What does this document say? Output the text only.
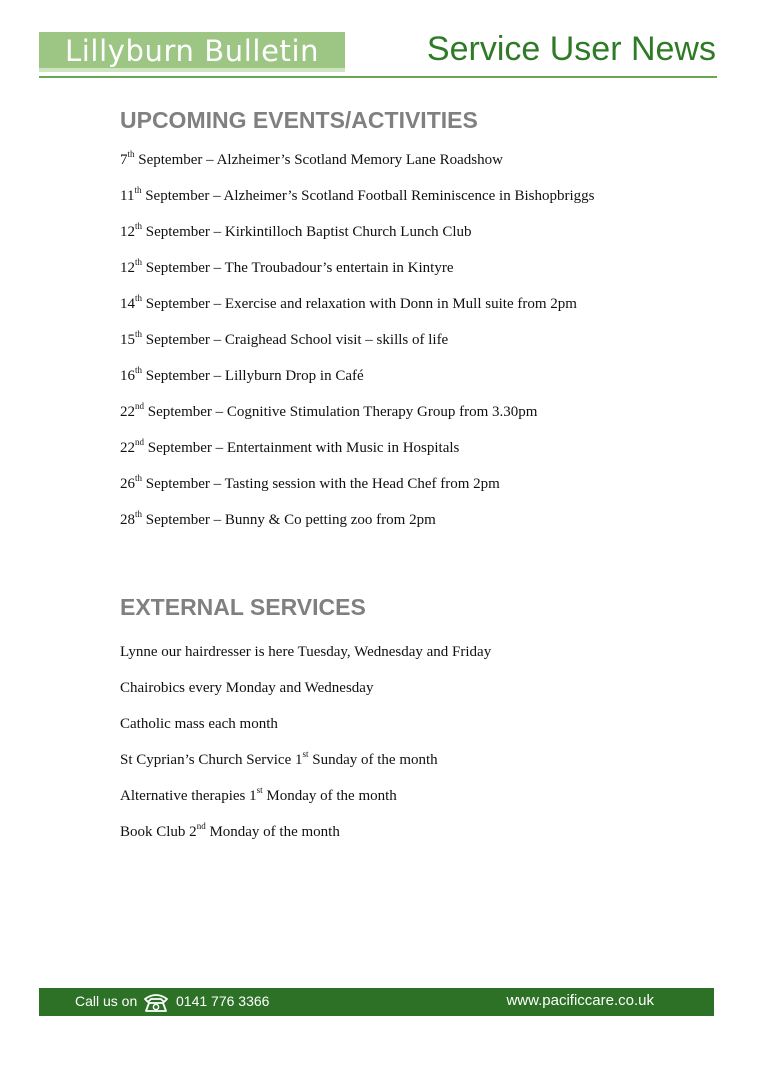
Lillyburn Bulletin	Service User News
UPCOMING EVENTS/ACTIVITIES
7th September – Alzheimer’s Scotland Memory Lane Roadshow
11th September – Alzheimer’s Scotland Football Reminiscence in Bishopbriggs
12th September – Kirkintilloch Baptist Church Lunch Club
12th September – The Troubadour’s entertain in Kintyre
14th September – Exercise and relaxation with Donn in Mull suite from 2pm
15th September – Craighead School visit – skills of life
16th September – Lillyburn Drop in Café
22nd September – Cognitive Stimulation Therapy Group from 3.30pm
22nd September – Entertainment with Music in Hospitals
26th September – Tasting session with the Head Chef from 2pm
28th September – Bunny & Co petting zoo from 2pm
EXTERNAL SERVICES
Lynne our hairdresser is here Tuesday, Wednesday and Friday
Chairobics every Monday and Wednesday
Catholic mass each month
St Cyprian’s Church Service 1st Sunday of the month
Alternative therapies 1st Monday of the month
Book Club 2nd Monday of the month
Call us on	0141 776 3366	www.pacificcare.co.uk
